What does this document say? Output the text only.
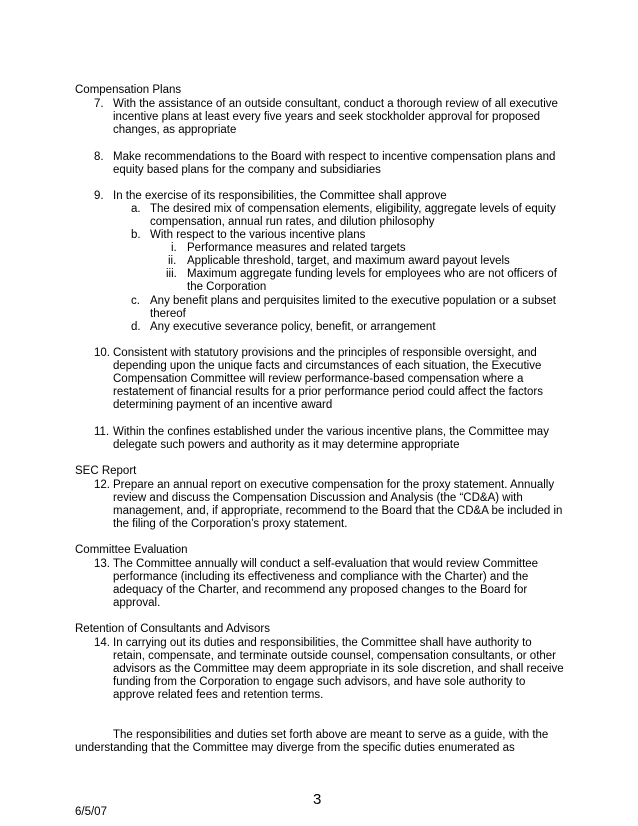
Compensation Plans
7. With the assistance of an outside consultant, conduct a thorough review of all executive
incentive plans at least every five years and seek stockholder approval for proposed
changes, as appropriate
8. Make recommendations to the Board with respect to incentive compensation plans and
equity based plans for the company and subsidiaries
9. In the exercise of its responsibilities, the Committee shall approve
a. The desired mix of compensation elements, eligibility, aggregate levels of equity
compensation, annual run rates, and dilution philosophy
b. With respect to the various incentive plans
i. Performance measures and related targets
ii. Applicable threshold, target, and maximum award payout levels
iii. Maximum aggregate funding levels for employees who are not officers of
the Corporation
c. Any benefit plans and perquisites limited to the executive population or a subset
thereof
d. Any executive severance policy, benefit, or arrangement
10. Consistent with statutory provisions and the principles of responsible oversight, and
depending upon the unique facts and circumstances of each situation, the Executive
Compensation Committee will review performance-based compensation where a
restatement of financial results for a prior performance period could affect the factors
determining payment of an incentive award
11. Within the confines established under the various incentive plans, the Committee may
delegate such powers and authority as it may determine appropriate
SEC Report
12. Prepare an annual report on executive compensation for the proxy statement. Annually
review and discuss the Compensation Discussion and Analysis (the “CD&A) with
management, and, if appropriate, recommend to the Board that the CD&A be included in
the filing of the Corporation’s proxy statement.
Committee Evaluation
13. The Committee annually will conduct a self-evaluation that would review Committee
performance (including its effectiveness and compliance with the Charter) and the
adequacy of the Charter, and recommend any proposed changes to the Board for
approval.
Retention of Consultants and Advisors
14. In carrying out its duties and responsibilities, the Committee shall have authority to
retain, compensate, and terminate outside counsel, compensation consultants, or other
advisors as the Committee may deem appropriate in its sole discretion, and shall receive
funding from the Corporation to engage such advisors, and have sole authority to
approve related fees and retention terms.
The responsibilities and duties set forth above are meant to serve as a guide, with the
understanding that the Committee may diverge from the specific duties enumerated as
3
6/5/07
